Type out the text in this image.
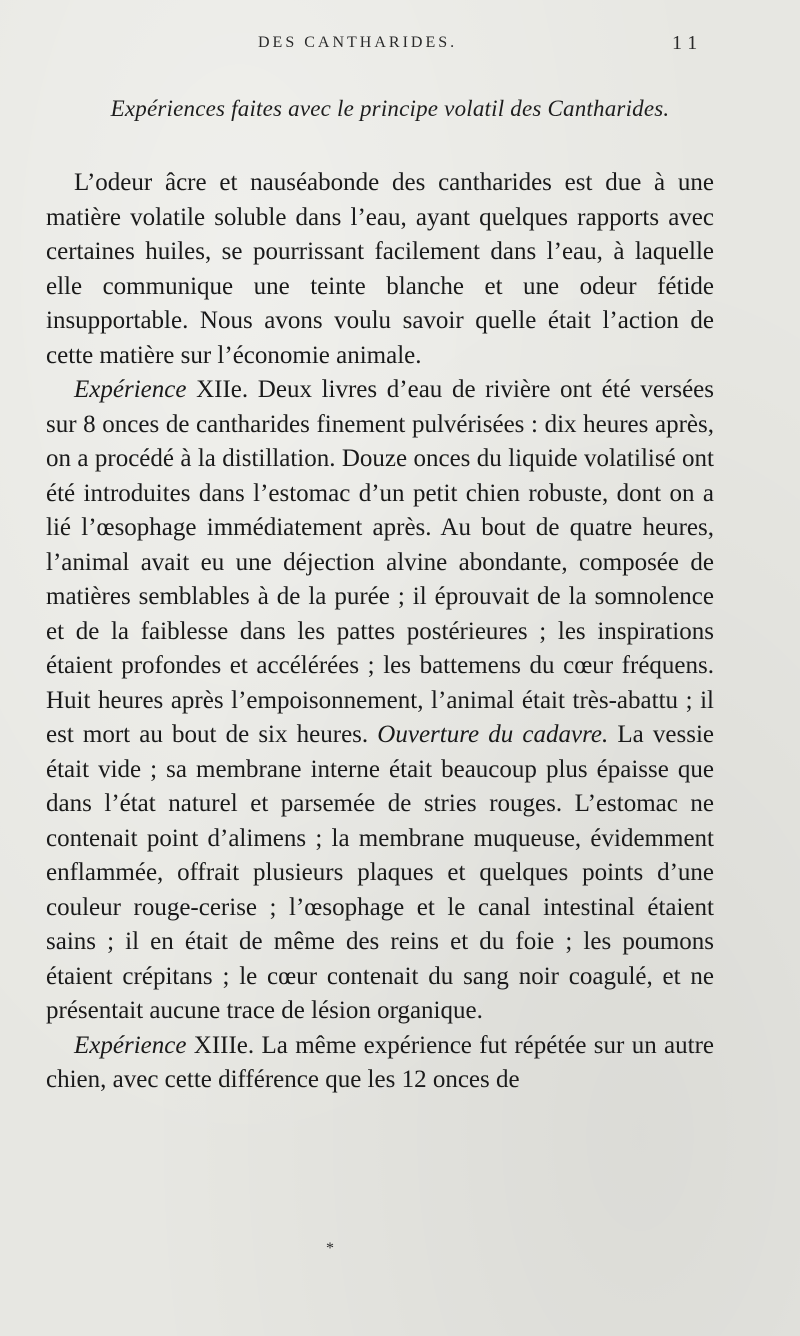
DES CANTHARIDES.	11
Expériences faites avec le principe volatil des Cantharides.

L’odeur âcre et nauséabonde des cantharides est due à une matière volatile soluble dans l’eau, ayant quelques rapports avec certaines huiles, se pourrissant facilement dans l’eau, à laquelle elle communique une teinte blanche et une odeur fétide insupportable. Nous avons voulu savoir quelle était l’action de cette matière sur l’économie animale.

Expérience XIIe. Deux livres d’eau de rivière ont été versées sur 8 onces de cantharides finement pulvérisées : dix heures après, on a procédé à la distillation. Douze onces du liquide volatilisé ont été introduites dans l’estomac d’un petit chien robuste, dont on a lié l’œsophage immédiatement après. Au bout de quatre heures, l’animal avait eu une déjection alvine abondante, composée de matières semblables à de la purée ; il éprouvait de la somnolence et de la faiblesse dans les pattes postérieures ; les inspirations étaient profondes et accélérées ; les battemens du cœur fréquens. Huit heures après l’empoisonnement, l’animal était très-abattu ; il est mort au bout de six heures. Ouverture du cadavre. La vessie était vide ; sa membrane interne était beaucoup plus épaisse que dans l’état naturel et parsemée de stries rouges. L’estomac ne contenait point d’alimens ; la membrane muqueuse, évidemment enflammée, offrait plusieurs plaques et quelques points d’une couleur rouge-cerise ; l’œsophage et le canal intestinal étaient sains ; il en était de même des reins et du foie ; les poumons étaient crépitans ; le cœur contenait du sang noir coagulé, et ne présentait aucune trace de lésion organique.

Expérience XIIIe. La même expérience fut répétée sur un autre chien, avec cette différence que les 12 onces de

*
